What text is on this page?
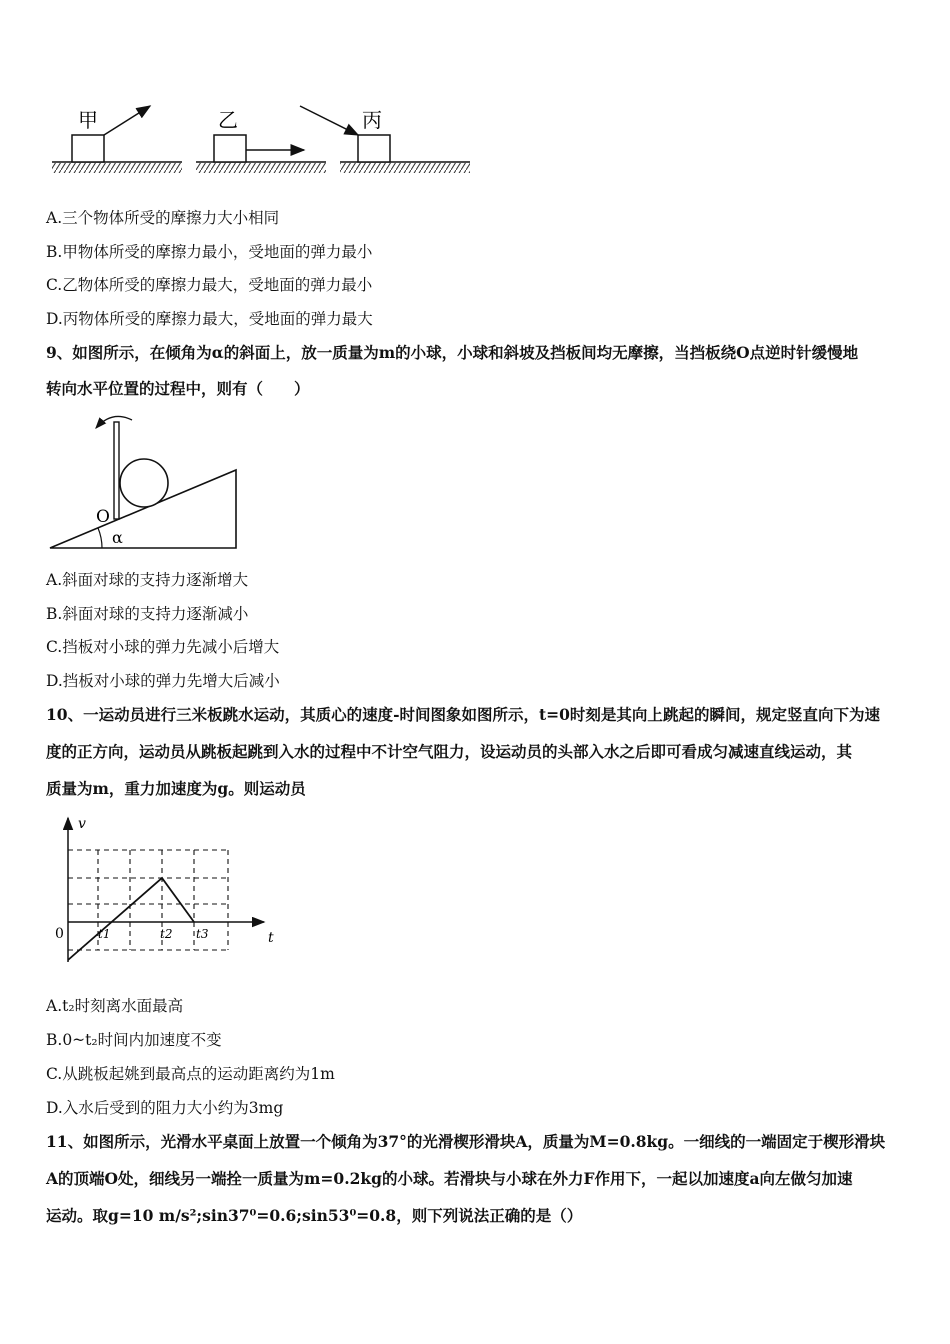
甲	乙	丙
A.三个物体所受的摩擦力大小相同
B.甲物体所受的摩擦力最小，受地面的弹力最小
C.乙物体所受的摩擦力最大，受地面的弹力最小
D.丙物体所受的摩擦力最大，受地面的弹力最大
9、如图所示，在倾角为α的斜面上，放一质量为m的小球，小球和斜坡及挡板间均无摩擦，当挡板绕O点逆时针缓慢地
转向水平位置的过程中，则有（　　）
O
α
A.斜面对球的支持力逐渐增大
B.斜面对球的支持力逐渐减小
C.挡板对小球的弹力先减小后增大
D.挡板对小球的弹力先增大后减小
10、一运动员进行三米板跳水运动，其质心的速度-时间图象如图所示，t=0时刻是其向上跳起的瞬间，规定竖直向下为速
度的正方向，运动员从跳板起跳到入水的过程中不计空气阻力，设运动员的头部入水之后即可看成匀减速直线运动，其
质量为m，重力加速度为g。则运动员
v
t
0	t1	t2 t3
A.t₂时刻离水面最高
B.0~t₂时间内加速度不变
C.从跳板起姚到最高点的运动距离约为1m
D.入水后受到的阻力大小约为3mg
11、如图所示，光滑水平桌面上放置一个倾角为37°的光滑楔形滑块A，质量为M=0.8kg。一细线的一端固定于楔形滑块
A的顶端O处，细线另一端拴一质量为m=0.2kg的小球。若滑块与小球在外力F作用下，一起以加速度a向左做匀加速
运动。取g=10 m/s²;sin37⁰=0.6;sin53⁰=0.8，则下列说法正确的是（）
